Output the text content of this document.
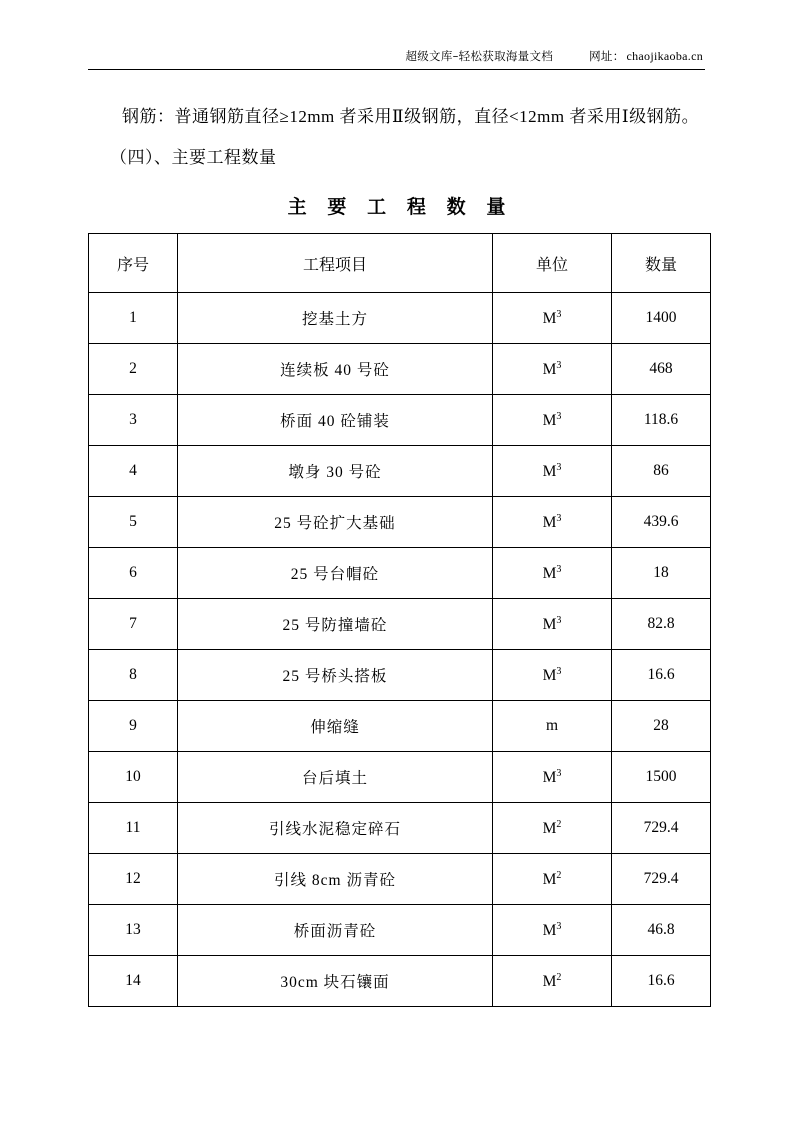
超级文库–轻松获取海量文档	网址： chaojikaoba.cn
钢筋：普通钢筋直径≥12mm 者采用Ⅱ级钢筋，直径<12mm 者采用Ⅰ级钢筋。
（四）、主要工程数量
主 要 工 程 数 量
序号	工程项目	单位	数量
1	挖基土方	$M^3$	1400
2	连续板 40 号砼	$M^3$	468
3	桥面 40 砼铺装	$M^3$	118.6
4	墩身 30 号砼	$M^3$	86
5	25 号砼扩大基础	$M^3$	439.6
6	25 号台帽砼	$M^3$	18
7	25 号防撞墙砼	$M^3$	82.8
8	25 号桥头搭板	$M^3$	16.6
9	伸缩缝	m	28
10	台后填土	$M^3$	1500
11	引线水泥稳定碎石	$M^2$	729.4
12	引线 8cm 沥青砼	$M^2$	729.4
13	桥面沥青砼	$M^3$	46.8
14	30cm 块石镶面	$M^2$	16.6
